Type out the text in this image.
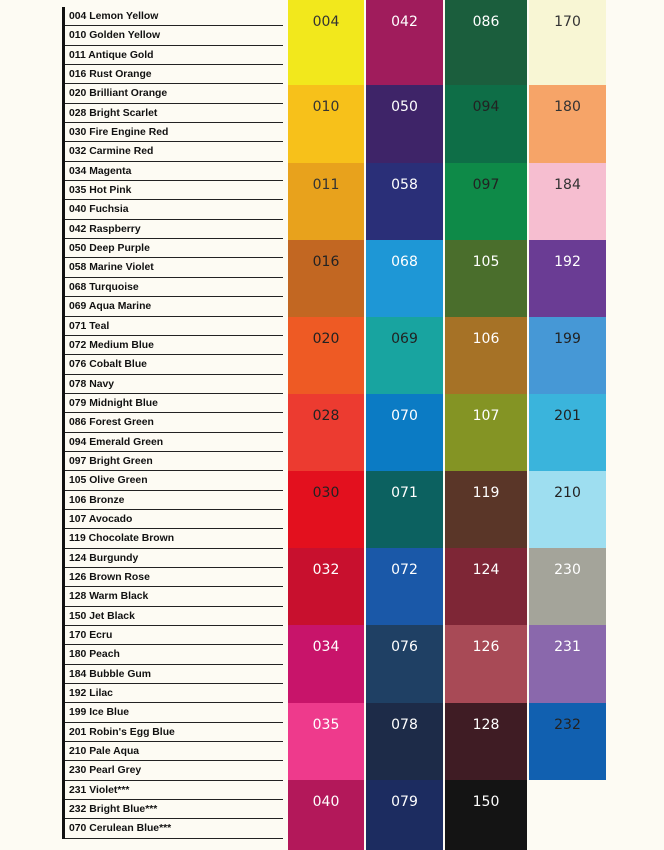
004 Lemon Yellow
010 Golden Yellow
011 Antique Gold
016 Rust Orange
020 Brilliant Orange
028 Bright Scarlet
030 Fire Engine Red
032 Carmine Red
034 Magenta
035 Hot Pink
040 Fuchsia
042 Raspberry
050 Deep Purple
058 Marine Violet
068 Turquoise
069 Aqua Marine
071 Teal
072 Medium Blue
076 Cobalt Blue
078 Navy
079 Midnight Blue
086 Forest Green
094 Emerald Green
097 Bright Green
105 Olive Green
106 Bronze
107 Avocado
119 Chocolate Brown
124 Burgundy
126 Brown Rose
128 Warm Black
150 Jet Black
170 Ecru
180 Peach
184 Bubble Gum
192 Lilac
199 Ice Blue
201 Robin's Egg Blue
210 Pale Aqua
230 Pearl Grey
231 Violet***
232 Bright Blue***
070 Cerulean Blue***
004
010
011
016
020
028
030
032
034
035
040
042
050
058
068
069
070
071
072
076
078
079
086
094
097
105
106
107
119
124
126
128
150
170
180
184
192
199
201
210
230
231
232
